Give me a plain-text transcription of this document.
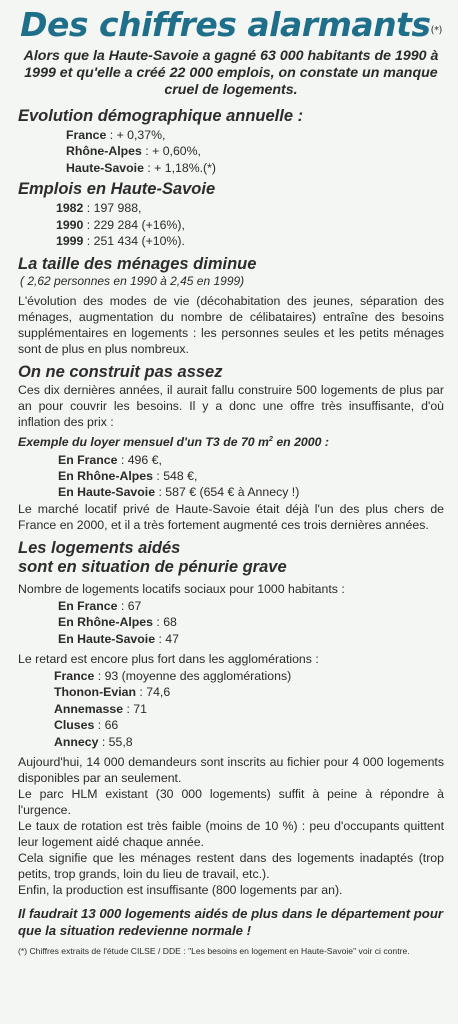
Des chiffres alarmants(*)

Alors que la Haute-Savoie a gagné 63 000 habitants de 1990 à 1999 et qu'elle a créé 22 000 emplois, on constate un manque cruel de logements.

Evolution démographique annuelle :
France : + 0,37%,
Rhône-Alpes : + 0,60%,
Haute-Savoie : + 1,18%.(*)
Emplois en Haute-Savoie
1982 : 197 988,
1990 : 229 284 (+16%),
1999 : 251 434 (+10%).
La taille des ménages diminue

( 2,62 personnes en 1990 à 2,45 en 1999)

L'évolution des modes de vie (décohabitation des jeunes, séparation des ménages, augmentation du nombre de célibataires) entraîne des besoins supplémentaires en logements : les personnes seules et les petits ménages sont de plus en plus nombreux.

On ne construit pas assez

Ces dix dernières années, il aurait fallu construire 500 logements de plus par an pour couvrir les besoins. Il y a donc une offre très insuffisante, d'où inflation des prix :

Exemple du loyer mensuel d'un T3 de 70 $m^2$ en 2000 :

En France : 496 €,
En Rhône-Alpes : 548 €,
En Haute-Savoie : 587 € (654 € à Annecy !)

Le marché locatif privé de Haute-Savoie était déjà l'un des plus chers de France en 2000, et il a très fortement augmenté ces trois dernières années.

Les logements aidés
sont en situation de pénurie grave

Nombre de logements locatifs sociaux pour 1000 habitants :

En France : 67
En Rhône-Alpes : 68
En Haute-Savoie : 47

Le retard est encore plus fort dans les agglomérations :

France : 93 (moyenne des agglomérations)
Thonon-Evian : 74,6
Annemasse : 71
Cluses : 66
Annecy : 55,8

Aujourd'hui, 14 000 demandeurs sont inscrits au fichier pour 4 000 logements disponibles par an seulement.

Le parc HLM existant (30 000 logements) suffit à peine à répondre à l'urgence.

Le taux de rotation est très faible (moins de 10 %) : peu d'occupants quittent leur logement aidé chaque année.

Cela signifie que les ménages restent dans des logements inadaptés (trop petits, trop grands, loin du lieu de travail, etc.).

Enfin, la production est insuffisante (800 logements par an).

Il faudrait 13 000 logements aidés de plus dans le département pour que la situation redevienne normale !

(*) Chiffres extraits de l'étude CILSE / DDE : "Les besoins en logement en Haute-Savoie" voir ci contre.
